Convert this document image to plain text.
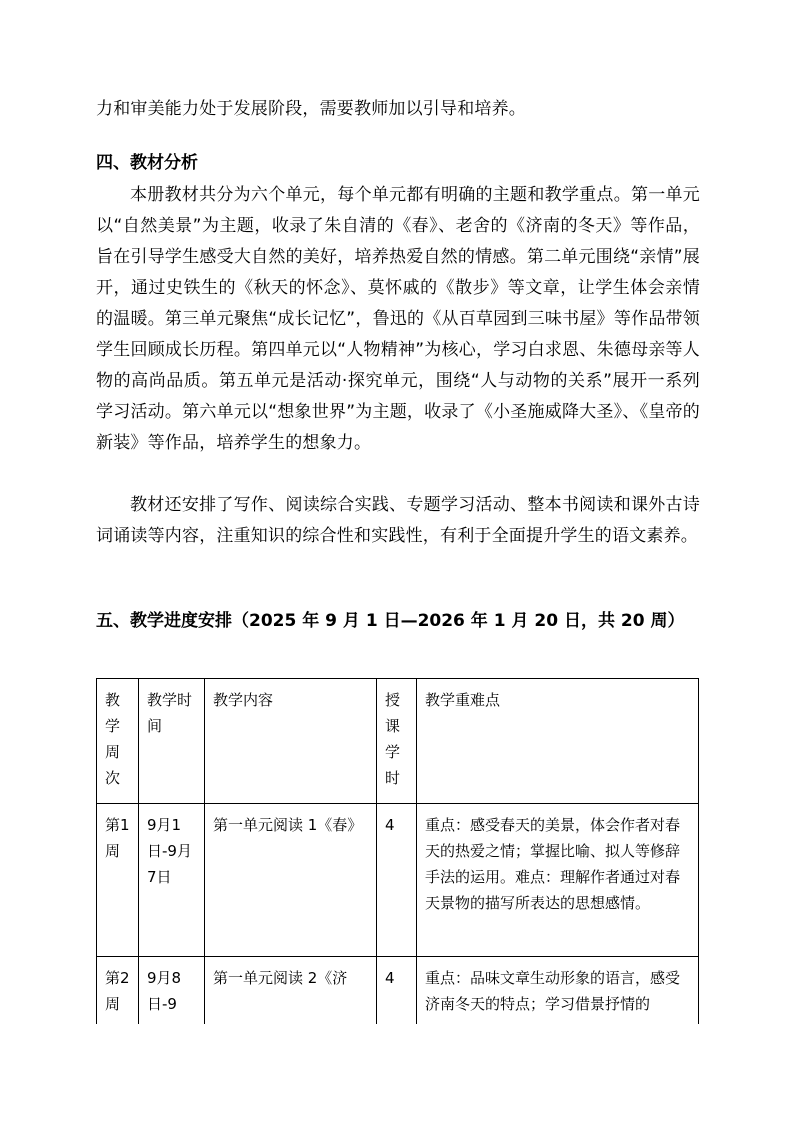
力和审美能力处于发展阶段，需要教师加以引导和培养。

四、教材分析

本册教材共分为六个单元，每个单元都有明确的主题和教学重点。第一单元以“自然美景”为主题，收录了朱自清的《春》、老舍的《济南的冬天》等作品，旨在引导学生感受大自然的美好，培养热爱自然的情感。第二单元围绕“亲情”展开，通过史铁生的《秋天的怀念》、莫怀戚的《散步》等文章，让学生体会亲情的温暖。第三单元聚焦“成长记忆”，鲁迅的《从百草园到三味书屋》等作品带领学生回顾成长历程。第四单元以“人物精神”为核心，学习白求恩、朱德母亲等人物的高尚品质。第五单元是活动·探究单元，围绕“人与动物的关系”展开一系列学习活动。第六单元以“想象世界”为主题，收录了《小圣施威降大圣》、《皇帝的新装》等作品，培养学生的想象力。

教材还安排了写作、阅读综合实践、专题学习活动、整本书阅读和课外古诗词诵读等内容，注重知识的综合性和实践性，有利于全面提升学生的语文素养。

五、教学进度安排（2025 年 9 月 1 日—2026 年 1 月 20 日，共 20 周）
教学周次	教学时间	教学内容	授课学时	教学重难点
第1周	9月1日-9月7日	第一单元阅读 1《春》	4	重点：感受春天的美景，体会作者对春天的热爱之情；掌握比喻、拟人等修辞手法的运用。难点：理解作者通过对春天景物的描写所表达的思想感情。
第2周	9月8日-9	第一单元阅读 2《济	4	重点：品味文章生动形象的语言，感受济南冬天的特点；学习借景抒情的
